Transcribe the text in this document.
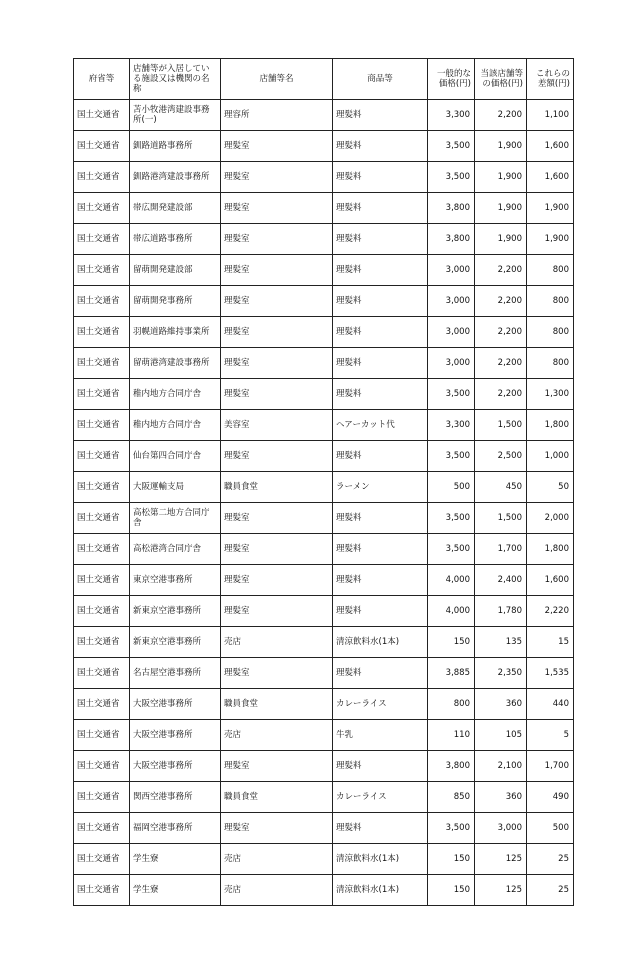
府省等	店舗等が入居している施設又は機関の名称	店舗等名	商品等	一般的な価格(円)	当該店舗等の価格(円)	これらの差額(円)
国土交通省	苫小牧港湾建設事務所(一)	理容所	理髪料	3,300	2,200	1,100
国土交通省	釧路道路事務所	理髪室	理髪料	3,500	1,900	1,600
国土交通省	釧路港湾建設事務所	理髪室	理髪料	3,500	1,900	1,600
国土交通省	帯広開発建設部	理髪室	理髪料	3,800	1,900	1,900
国土交通省	帯広道路事務所	理髪室	理髪料	3,800	1,900	1,900
国土交通省	留萌開発建設部	理髪室	理髪料	3,000	2,200	800
国土交通省	留萌開発事務所	理髪室	理髪料	3,000	2,200	800
国土交通省	羽幌道路維持事業所	理髪室	理髪料	3,000	2,200	800
国土交通省	留萌港湾建設事務所	理髪室	理髪料	3,000	2,200	800
国土交通省	稚内地方合同庁舎	理髪室	理髪料	3,500	2,200	1,300
国土交通省	稚内地方合同庁舎	美容室	ヘアーカット代	3,300	1,500	1,800
国土交通省	仙台第四合同庁舎	理髪室	理髪料	3,500	2,500	1,000
国土交通省	大阪運輸支局	職員食堂	ラーメン	500	450	50
国土交通省	高松第二地方合同庁舎	理髪室	理髪料	3,500	1,500	2,000
国土交通省	高松港湾合同庁舎	理髪室	理髪料	3,500	1,700	1,800
国土交通省	東京空港事務所	理髪室	理髪料	4,000	2,400	1,600
国土交通省	新東京空港事務所	理髪室	理髪料	4,000	1,780	2,220
国土交通省	新東京空港事務所	売店	清涼飲料水(1本)	150	135	15
国土交通省	名古屋空港事務所	理髪室	理髪料	3,885	2,350	1,535
国土交通省	大阪空港事務所	職員食堂	カレーライス	800	360	440
国土交通省	大阪空港事務所	売店	牛乳	110	105	5
国土交通省	大阪空港事務所	理髪室	理髪料	3,800	2,100	1,700
国土交通省	関西空港事務所	職員食堂	カレーライス	850	360	490
国土交通省	福岡空港事務所	理髪室	理髪料	3,500	3,000	500
国土交通省	学生寮	売店	清涼飲料水(1本)	150	125	25
国土交通省	学生寮	売店	清涼飲料水(1本)	150	125	25
